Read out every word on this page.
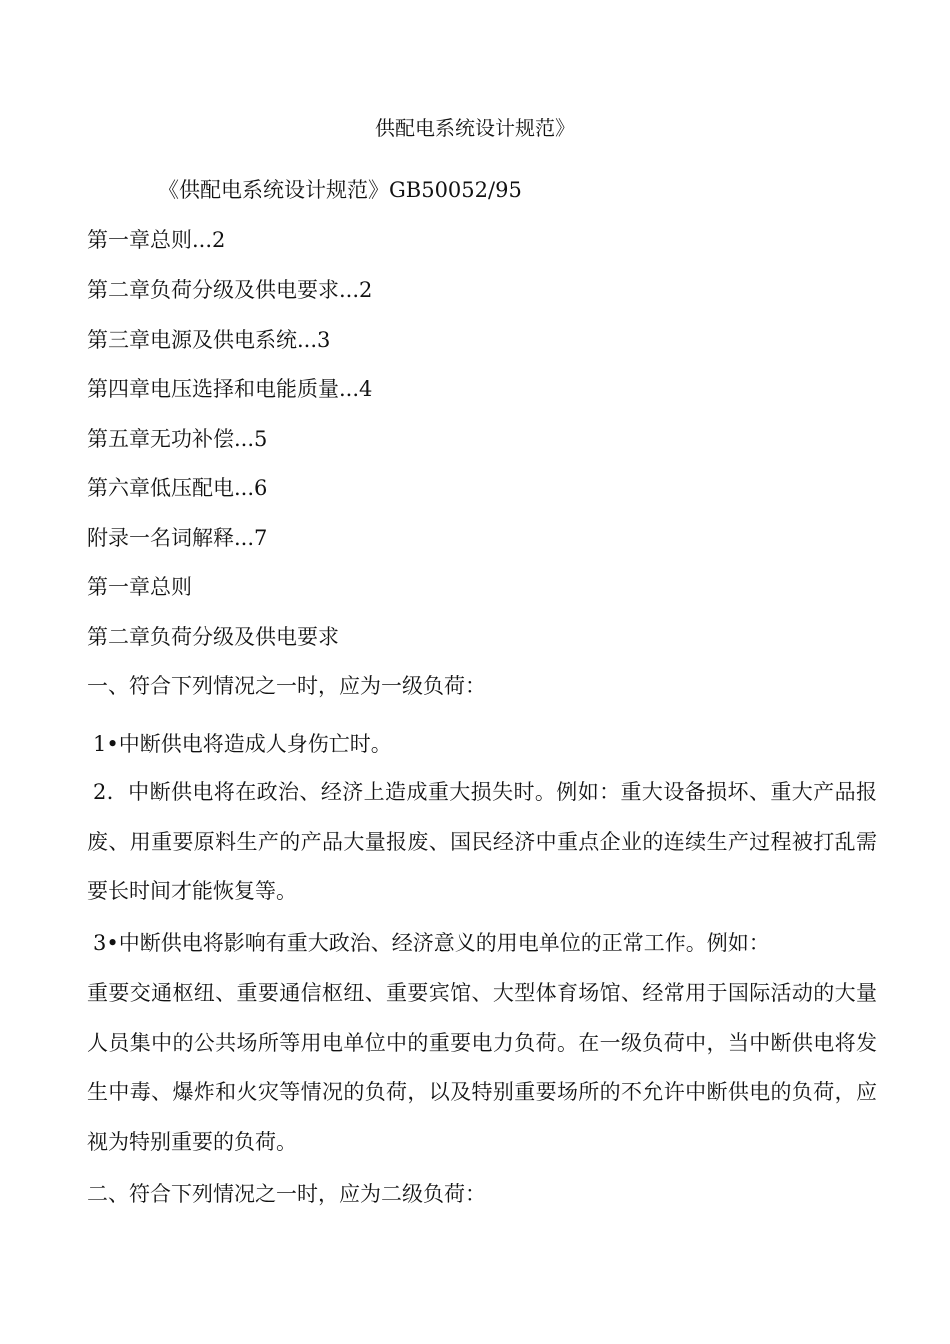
供配电系统设计规范》
《供配电系统设计规范》GB50052/95
第一章总则...2
第二章负荷分级及供电要求...2
第三章电源及供电系统...3
第四章电压选择和电能质量...4
第五章无功补偿...5
第六章低压配电...6
附录一名词解释...7
第一章总则
第二章负荷分级及供电要求
一、符合下列情况之一时，应为一级负荷：
1•中断供电将造成人身伤亡时。
2．中断供电将在政治、经济上造成重大损失时。例如：重大设备损坏、重大产品报废、用重要原料生产的产品大量报废、国民经济中重点企业的连续生产过程被打乱需要长时间才能恢复等。
3•中断供电将影响有重大政治、经济意义的用电单位的正常工作。例如：
重要交通枢纽、重要通信枢纽、重要宾馆、大型体育场馆、经常用于国际活动的大量人员集中的公共场所等用电单位中的重要电力负荷。在一级负荷中，当中断供电将发生中毒、爆炸和火灾等情况的负荷，以及特别重要场所的不允许中断供电的负荷，应视为特别重要的负荷。
二、符合下列情况之一时，应为二级负荷：
